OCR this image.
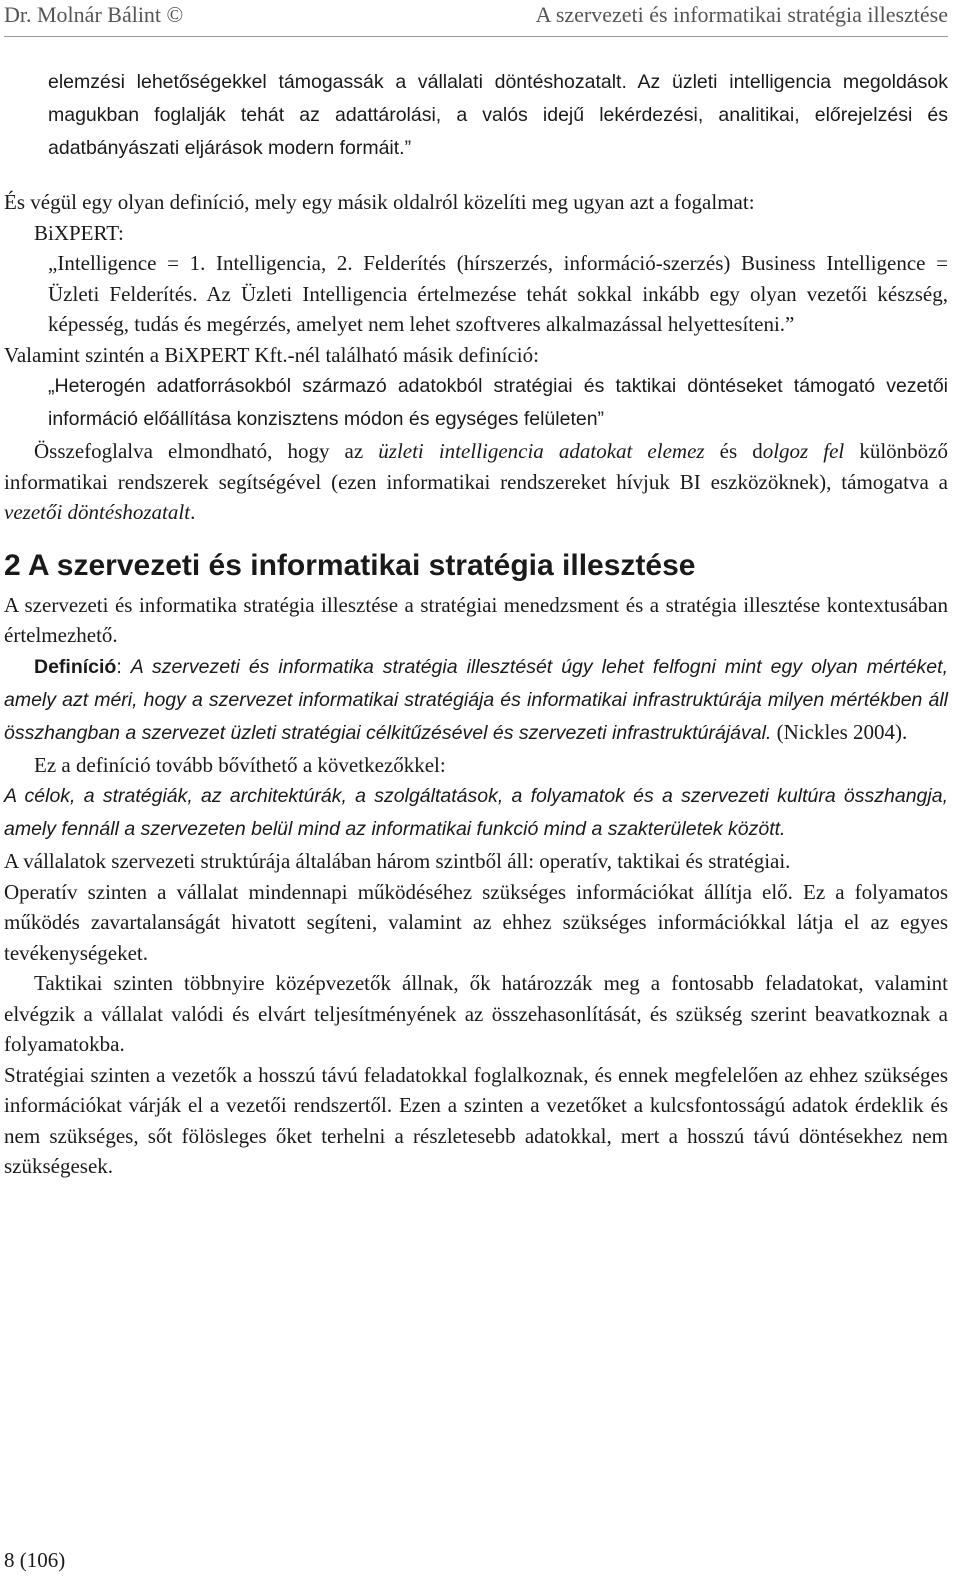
Dr. Molnár Bálint ©	A szervezeti és informatikai stratégia illesztése

elemzési lehetőségekkel támogassák a vállalati döntéshozatalt. Az üzleti intelligencia megoldások magukban foglalják tehát az adattárolási, a valós idejű lekérdezési, analitikai, előrejelzési és adatbányászati eljárások modern formáit.”

És végül egy olyan definíció, mely egy másik oldalról közelíti meg ugyan azt a fogalmat:

BiXPERT:

„Intelligence = 1. Intelligencia, 2. Felderítés (hírszerzés, információ-szerzés) Business Intelligence = Üzleti Felderítés. Az Üzleti Intelligencia értelmezése tehát sokkal inkább egy olyan vezetői készség, képesség, tudás és megérzés, amelyet nem lehet szoftveres alkalmazással helyettesíteni.”

Valamint szintén a BiXPERT Kft.-nél található másik definíció:

„Heterogén adatforrásokból származó adatokból stratégiai és taktikai döntéseket támogató vezetői információ előállítása konzisztens módon és egységes felületen”

Összefoglalva elmondható, hogy az üzleti intelligencia adatokat elemez és dolgoz fel különböző informatikai rendszerek segítségével (ezen informatikai rendszereket hívjuk BI eszközöknek), támogatva a vezetői döntéshozatalt.

2 A szervezeti és informatikai stratégia illesztése

A szervezeti és informatika stratégia illesztése a stratégiai menedzsment és a stratégia illesztése kontextusában értelmezhető.

Definíció: A szervezeti és informatika stratégia illesztését úgy lehet felfogni mint egy olyan mértéket, amely azt méri, hogy a szervezet informatikai stratégiája és informatikai infrastruktúrája milyen mértékben áll összhangban a szervezet üzleti stratégiai célkitűzésével és szervezeti infrastruktúrájával. (Nickles 2004).

Ez a definíció tovább bővíthető a következőkkel:

A célok, a stratégiák, az architektúrák, a szolgáltatások, a folyamatok és a szervezeti kultúra összhangja, amely fennáll a szervezeten belül mind az informatikai funkció mind a szakterületek között.

A vállalatok szervezeti struktúrája általában három szintből áll: operatív, taktikai és stratégiai.

Operatív szinten a vállalat mindennapi működéséhez szükséges információkat állítja elő. Ez a folyamatos működés zavartalanságát hivatott segíteni, valamint az ehhez szükséges információkkal látja el az egyes tevékenységeket.

Taktikai szinten többnyire középvezetők állnak, ők határozzák meg a fontosabb feladatokat, valamint elvégzik a vállalat valódi és elvárt teljesítményének az összehasonlítását, és szükség szerint beavatkoznak a folyamatokba.

Stratégiai szinten a vezetők a hosszú távú feladatokkal foglalkoznak, és ennek megfelelően az ehhez szükséges információkat várják el a vezetői rendszertől. Ezen a szinten a vezetőket a kulcsfontosságú adatok érdeklik és nem szükséges, sőt fölösleges őket terhelni a részletesebb adatokkal, mert a hosszú távú döntésekhez nem szükségesek.

8 (106)
